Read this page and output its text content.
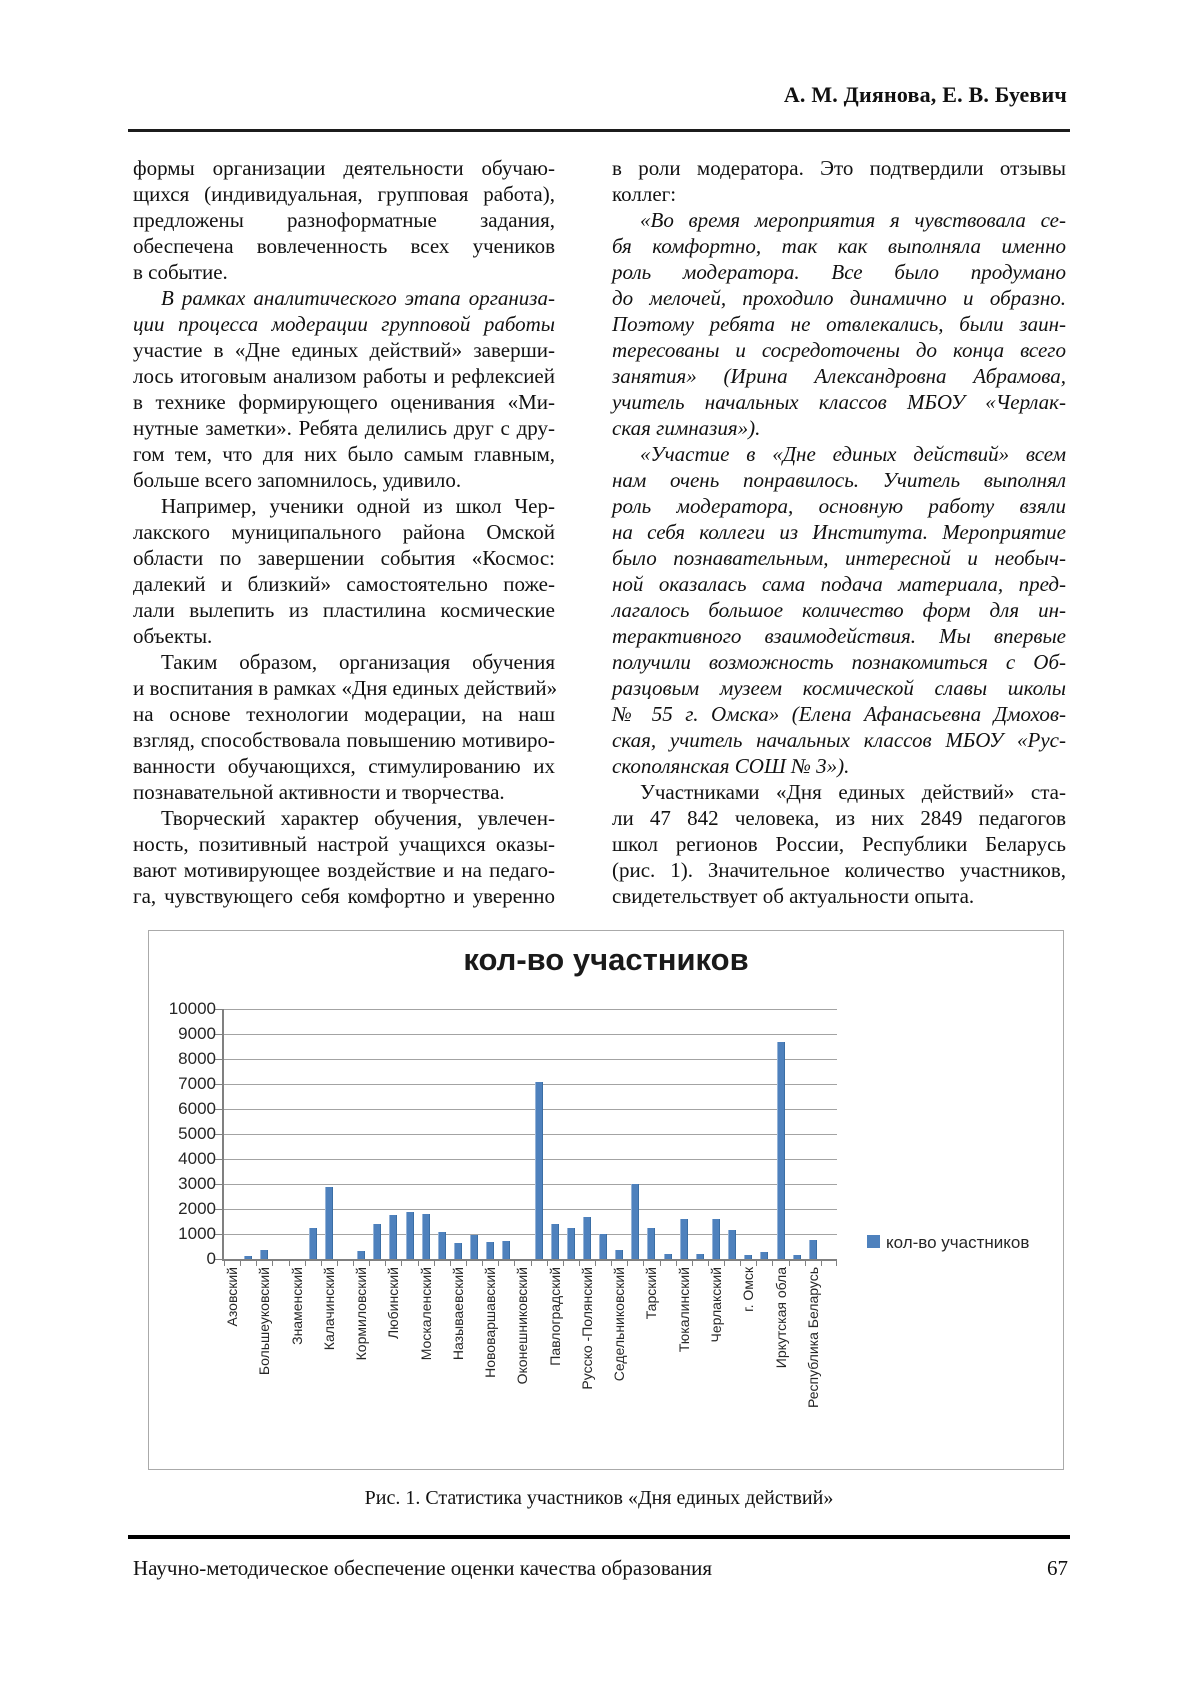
А. М. Диянова, Е. В. Буевич
формы организации деятельности обучаю-
щихся (индивидуальная, групповая работа),
предложены разноформатные задания,
обеспечена вовлеченность всех учеников
в событие.
В рамках аналитического этапа организа-
ции процесса модерации групповой работы
участие в «Дне единых действий» заверши-
лось итоговым анализом работы и рефлексией
в технике формирующего оценивания «Ми-
нутные заметки». Ребята делились друг с дру-
гом тем, что для них было самым главным,
больше всего запомнилось, удивило.
Например, ученики одной из школ Чер-
лакского муниципального района Омской
области по завершении события «Космос:
далекий и близкий» самостоятельно поже-
лали вылепить из пластилина космические
объекты.
Таким образом, организация обучения
и воспитания в рамках «Дня единых действий»
на основе технологии модерации, на наш
взгляд, способствовала повышению мотивиро-
ванности обучающихся, стимулированию их
познавательной активности и творчества.
Творческий характер обучения, увлечен-
ность, позитивный настрой учащихся оказы-
вают мотивирующее воздействие и на педаго-
га, чувствующего себя комфортно и уверенно
в роли модератора. Это подтвердили отзывы
коллег:
«Во время мероприятия я чувствовала се-
бя комфортно, так как выполняла именно
роль модератора. Все было продумано
до мелочей, проходило динамично и образно.
Поэтому ребята не отвлекались, были заин-
тересованы и сосредоточены до конца всего
занятия» (Ирина Александровна Абрамова,
учитель начальных классов МБОУ «Черлак-
ская гимназия»).
«Участие в «Дне единых действий» всем
нам очень понравилось. Учитель выполнял
роль модератора, основную работу взяли
на себя коллеги из Института. Мероприятие
было познавательным, интересной и необыч-
ной оказалась сама подача материала, пред-
лагалось большое количество форм для ин-
терактивного взаимодействия. Мы впервые
получили возможность познакомиться с Об-
разцовым музеем космической славы школы
№ 55 г. Омска» (Елена Афанасьевна Дмохов-
ская, учитель начальных классов МБОУ «Рус-
скополянская СОШ № 3»).
Участниками «Дня единых действий» ста-
ли 47 842 человека, из них 2849 педагогов
школ регионов России, Республики Беларусь
(рис. 1). Значительное количество участников,
свидетельствует об актуальности опыта.
кол-во участников
кол-во участников
10000
9000
8000
7000
6000
5000
4000
3000
2000
1000
0
Азовский Большеуковский Знаменский Калачинский Кормиловский Любинский Москаленский Называевский Нововаршавский Оконешниковский Павлоградский Русско -Полянский Седельниковский Тарский Тюкалинский Черлакский г. Омск Иркутская обла Республика Беларусь
Рис. 1. Статистика участников «Дня единых действий»
Научно-методическое обеспечение оценки качества образования	67
